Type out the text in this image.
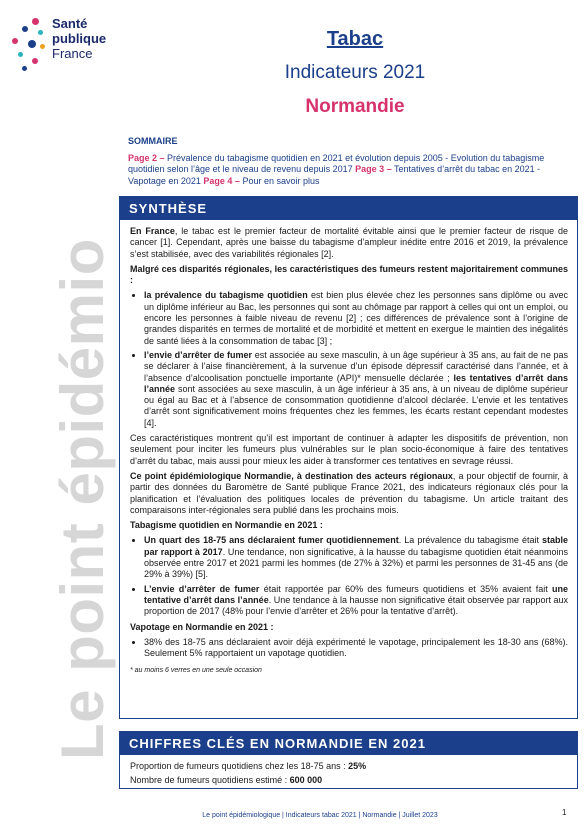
Santé
publique
France
Le point épidémio
Tabac
Indicateurs 2021
Normandie
SOMMAIRE
Page 2 – Prévalence du tabagisme quotidien en 2021 et évolution depuis 2005 - Evolution du tabagisme quotidien selon l’âge et le niveau de revenu depuis 2017 Page 3 – Tentatives d’arrêt du tabac en 2021 - Vapotage en 2021 Page 4 – Pour en savoir plus
SYNTHÈSE

En France, le tabac est le premier facteur de mortalité évitable ainsi que le premier facteur de risque de cancer [1]. Cependant, après une baisse du tabagisme d’ampleur inédite entre 2016 et 2019, la prévalence s’est stabilisée, avec des variabilités régionales [2].

Malgré ces disparités régionales, les caractéristiques des fumeurs restent majoritairement communes :

• la prévalence du tabagisme quotidien est bien plus élevée chez les personnes sans diplôme ou avec un diplôme inférieur au Bac, les personnes qui sont au chômage par rapport à celles qui ont un emploi, ou encore les personnes à faible niveau de revenu [2] ; ces différences de prévalence sont à l’origine de grandes disparités en termes de mortalité et de morbidité et mettent en exergue le maintien des inégalités de santé liées à la consommation de tabac [3] ;
• l’envie d’arrêter de fumer est associée au sexe masculin, à un âge supérieur à 35 ans, au fait de ne pas se déclarer à l’aise financièrement, à la survenue d’un épisode dépressif caractérisé dans l’année, et à l’absence d’alcoolisation ponctuelle importante (API)* mensuelle déclarée ; les tentatives d’arrêt dans l’année sont associées au sexe masculin, à un âge inférieur à 35 ans, à un niveau de diplôme supérieur ou égal au Bac et à l’absence de consommation quotidienne d’alcool déclarée. L’envie et les tentatives d’arrêt sont significativement moins fréquentes chez les femmes, les écarts restant cependant modestes [4].

Ces caractéristiques montrent qu’il est important de continuer à adapter les dispositifs de prévention, non seulement pour inciter les fumeurs plus vulnérables sur le plan socio-économique à faire des tentatives d’arrêt du tabac, mais aussi pour mieux les aider à transformer ces tentatives en sevrage réussi.

Ce point épidémiologique Normandie, à destination des acteurs régionaux, a pour objectif de fournir, à partir des données du Baromètre de Santé publique France 2021, des indicateurs régionaux clés pour la planification et l’évaluation des politiques locales de prévention du tabagisme. Un article traitant des comparaisons inter-régionales sera publié dans les prochains mois.

Tabagisme quotidien en Normandie en 2021 :

• Un quart des 18-75 ans déclaraient fumer quotidiennement. La prévalence du tabagisme était stable par rapport à 2017. Une tendance, non significative, à la hausse du tabagisme quotidien était néanmoins observée entre 2017 et 2021 parmi les hommes (de 27% à 32%) et parmi les personnes de 31-45 ans (de 29% à 39%) [5].
• L’envie d’arrêter de fumer était rapportée par 60% des fumeurs quotidiens et 35% avaient fait une tentative d’arrêt dans l’année. Une tendance à la hausse non significative était observée par rapport aux proportion de 2017 (48% pour l’envie d’arrêter et 26% pour la tentative d’arrêt).

Vapotage en Normandie en 2021 :

• 38% des 18-75 ans déclaraient avoir déjà expérimenté le vapotage, principalement les 18-30 ans (68%). Seulement 5% rapportaient un vapotage quotidien.
* au moins 6 verres en une seule occasion
CHIFFRES CLÉS EN NORMANDIE EN 2021
Proportion de fumeurs quotidiens chez les 18-75 ans : 25%
Nombre de fumeurs quotidiens estimé : 600 000
Le point épidémiologique | Indicateurs tabac 2021 | Normandie | Juillet 2023	1
